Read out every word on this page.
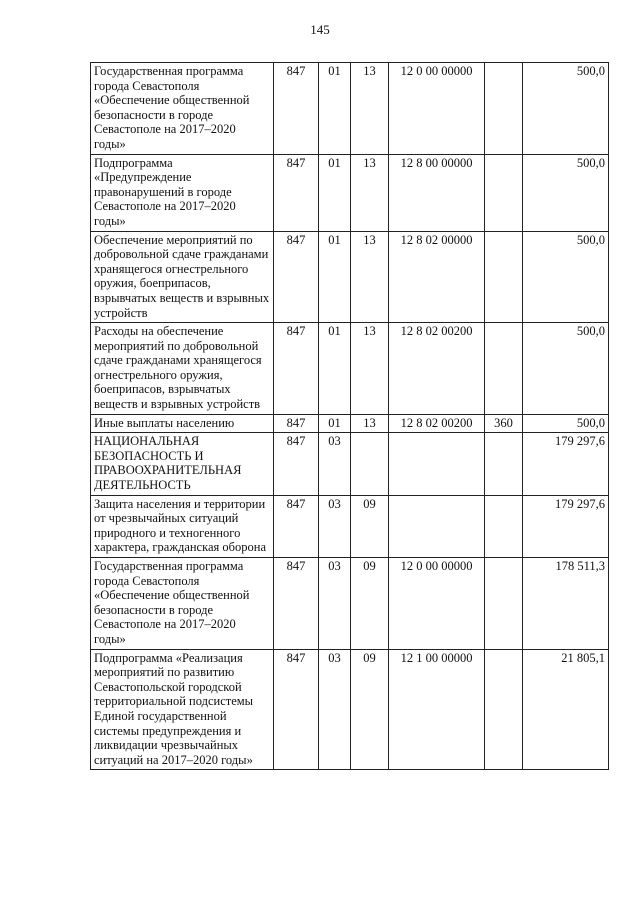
145
Государственная программа города Севастополя «Обеспечение общественной безопасности в городе Севастополе на 2017–2020 годы»	847	01	13	12 0 00 00000		500,0
Подпрограмма «Предупреждение правонарушений в городе Севастополе на 2017–2020 годы»	847	01	13	12 8 00 00000		500,0
Обеспечение мероприятий по добровольной сдаче гражданами хранящегося огнестрельного оружия, боеприпасов, взрывчатых веществ и взрывных устройств	847	01	13	12 8 02 00000		500,0
Расходы на обеспечение мероприятий по добровольной сдаче гражданами хранящегося огнестрельного оружия, боеприпасов, взрывчатых веществ и взрывных устройств	847	01	13	12 8 02 00200		500,0
Иные выплаты населению	847	01	13	12 8 02 00200	360	500,0
НАЦИОНАЛЬНАЯ БЕЗОПАСНОСТЬ И ПРАВООХРАНИТЕЛЬНАЯ ДЕЯТЕЛЬНОСТЬ	847	03				179 297,6
Защита населения и территории от чрезвычайных ситуаций природного и техногенного характера, гражданская оборона	847	03	09			179 297,6
Государственная программа города Севастополя «Обеспечение общественной безопасности в городе Севастополе на 2017–2020 годы»	847	03	09	12 0 00 00000		178 511,3
Подпрограмма «Реализация мероприятий по развитию Севастопольской городской территориальной подсистемы Единой государственной системы предупреждения и ликвидации чрезвычайных ситуаций на 2017–2020 годы»	847	03	09	12 1 00 00000		21 805,1
